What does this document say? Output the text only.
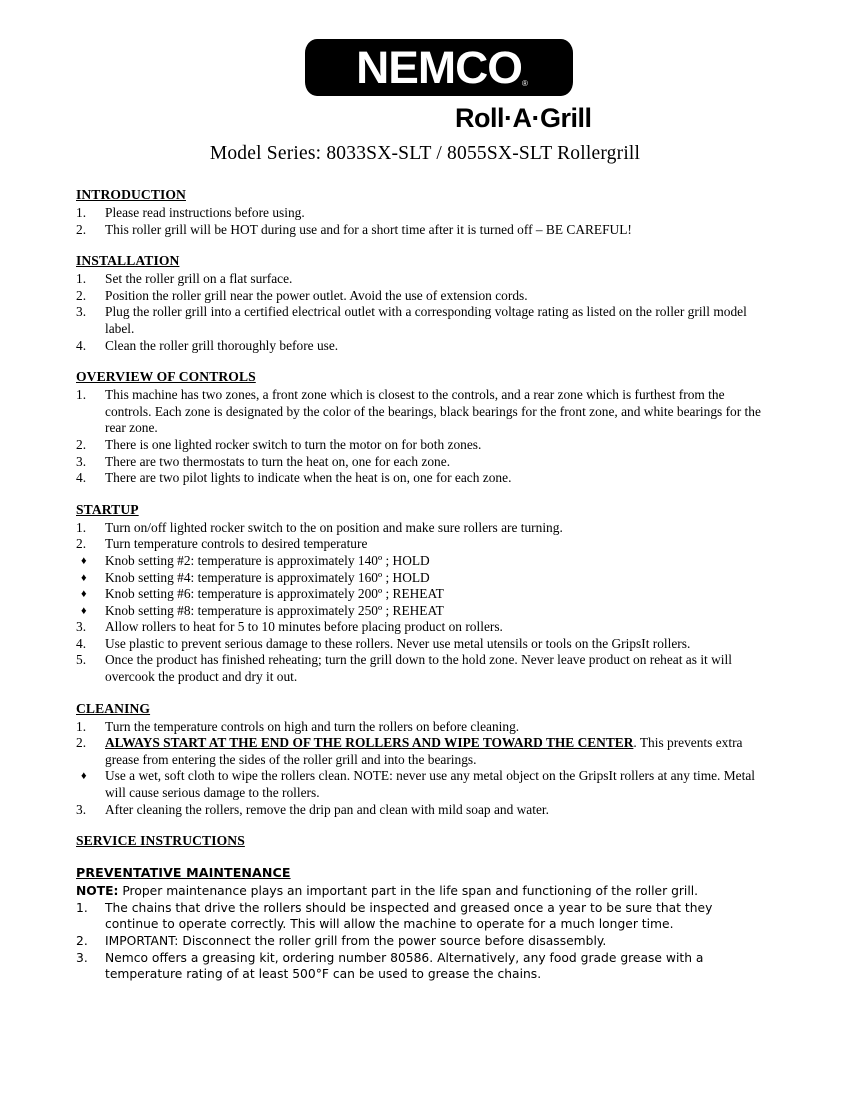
NEMCO ®
Roll·A·Grill
Model Series: 8033SX-SLT / 8055SX-SLT Rollergrill
INTRODUCTION
1.	Please read instructions before using.
2.	This roller grill will be HOT during use and for a short time after it is turned off – BE CAREFUL!
INSTALLATION
1.	Set the roller grill on a flat surface.
2.	Position the roller grill near the power outlet. Avoid the use of extension cords.
3.	Plug the roller grill into a certified electrical outlet with a corresponding voltage rating as listed on the roller grill model label.
4.	Clean the roller grill thoroughly before use.
OVERVIEW OF CONTROLS
1.	This machine has two zones, a front zone which is closest to the controls, and a rear zone which is furthest from the controls. Each zone is designated by the color of the bearings, black bearings for the front zone, and white bearings for the rear zone.
2.	There is one lighted rocker switch to turn the motor on for both zones.
3.	There are two thermostats to turn the heat on, one for each zone.
4.	There are two pilot lights to indicate when the heat is on, one for each zone.
STARTUP
1.	Turn on/off lighted rocker switch to the on position and make sure rollers are turning.
2.	Turn temperature controls to desired temperature
♦ Knob setting #2: temperature is approximately 140º ; HOLD
♦ Knob setting #4: temperature is approximately 160º ; HOLD
♦ Knob setting #6: temperature is approximately 200º ; REHEAT
♦ Knob setting #8: temperature is approximately 250º ; REHEAT
3.	Allow rollers to heat for 5 to 10 minutes before placing product on rollers.
4.	Use plastic to prevent serious damage to these rollers. Never use metal utensils or tools on the GripsIt rollers.
5.	Once the product has finished reheating; turn the grill down to the hold zone. Never leave product on reheat as it will overcook the product and dry it out.
CLEANING
1.	Turn the temperature controls on high and turn the rollers on before cleaning.
2.	ALWAYS START AT THE END OF THE ROLLERS AND WIPE TOWARD THE CENTER. This prevents extra grease from entering the sides of the roller grill and into the bearings.
♦ Use a wet, soft cloth to wipe the rollers clean. NOTE: never use any metal object on the GripsIt rollers at any time. Metal will cause serious damage to the rollers.
3.	After cleaning the rollers, remove the drip pan and clean with mild soap and water.
SERVICE INSTRUCTIONS
PREVENTATIVE MAINTENANCE
NOTE: Proper maintenance plays an important part in the life span and functioning of the roller grill.
1.	The chains that drive the rollers should be inspected and greased once a year to be sure that they continue to operate correctly. This will allow the machine to operate for a much longer time.
2.	IMPORTANT: Disconnect the roller grill from the power source before disassembly.
3.	Nemco offers a greasing kit, ordering number 80586. Alternatively, any food grade grease with a temperature rating of at least 500°F can be used to grease the chains.
